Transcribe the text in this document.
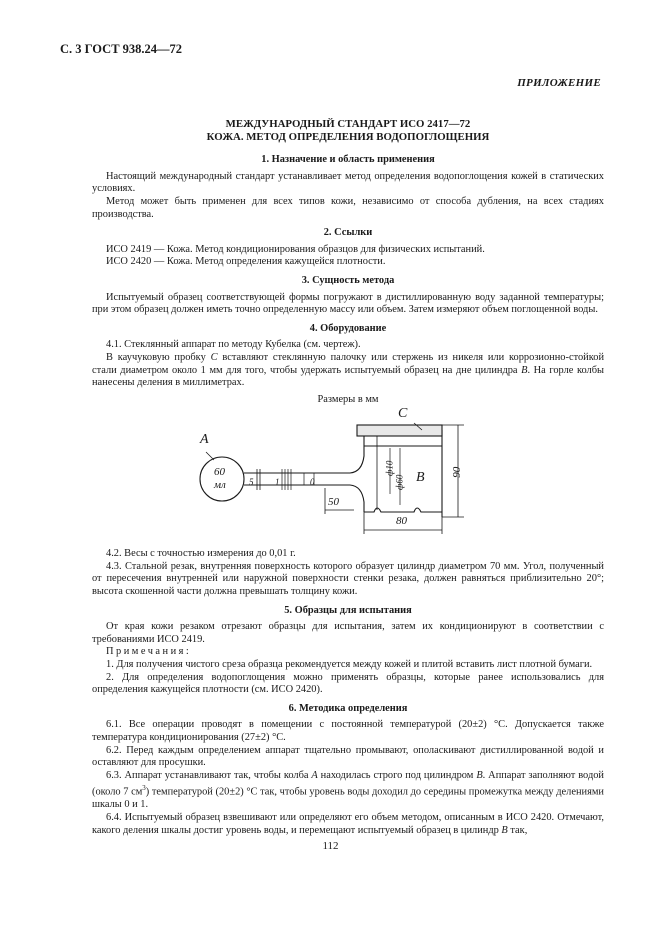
С. 3 ГОСТ 938.24—72
ПРИЛОЖЕНИЕ
МЕЖДУНАРОДНЫЙ СТАНДАРТ ИСО 2417—72
КОЖА. МЕТОД ОПРЕДЕЛЕНИЯ ВОДОПОГЛОЩЕНИЯ
1. Назначение и область применения

Настоящий международный стандарт устанавливает метод определения водопоглощения кожей в статических условиях.

Метод может быть применен для всех типов кожи, независимо от способа дубления, на всех стадиях производства.

2. Ссылки

ИСО 2419 — Кожа. Метод кондиционирования образцов для физических испытаний.

ИСО 2420 — Кожа. Метод определения кажущейся плотности.

3. Сущность метода

Испытуемый образец соответствующей формы погружают в дистиллированную воду заданной температуры; при этом образец должен иметь точно определенную массу или объем. Затем измеряют объем поглощенной воды.

4. Оборудование

4.1. Стеклянный аппарат по методу Кубелка (см. чертеж).

В каучуковую пробку C вставляют стеклянную палочку или стержень из никеля или коррозионно-стойкой стали диаметром около 1 мм для того, чтобы удержать испытуемый образец на дне цилиндра B. На горле колбы нанесены деления в миллиметрах.

Размеры в мм
A
60
мл
C
B 90
80
50
ф10
ф60
5 1	0

4.2. Весы с точностью измерения до 0,01 г.

4.3. Стальной резак, внутренняя поверхность которого образует цилиндр диаметром 70 мм. Угол, полученный от пересечения внутренней или наружной поверхности стенки резака, должен равняться приблизительно 20°; высота скошенной части должна превышать толщину кожи.

5. Образцы для испытания

От края кожи резаком отрезают образцы для испытания, затем их кондиционируют в соответствии с требованиями ИСО 2419.

Примечания:

1. Для получения чистого среза образца рекомендуется между кожей и плитой вставить лист плотной бумаги.

2. Для определения водопоглощения можно применять образцы, которые ранее использовались для определения кажущейся плотности (см. ИСО 2420).

6. Методика определения

6.1. Все операции проводят в помещении с постоянной температурой (20±2) °С. Допускается также температура кондиционирования (27±2) °С.

6.2. Перед каждым определением аппарат тщательно промывают, ополаскивают дистиллированной водой и оставляют для просушки.

6.3. Аппарат устанавливают так, чтобы колба A находилась строго под цилиндром B. Аппарат заполняют водой (около 7 $см^3$) температурой (20±2) °С так, чтобы уровень воды доходил до середины промежутка между делениями шкалы 0 и 1.

6.4. Испытуемый образец взвешивают или определяют его объем методом, описанным в ИСО 2420. Отмечают, какого деления шкалы достиг уровень воды, и перемещают испытуемый образец в цилиндр B так,

112
